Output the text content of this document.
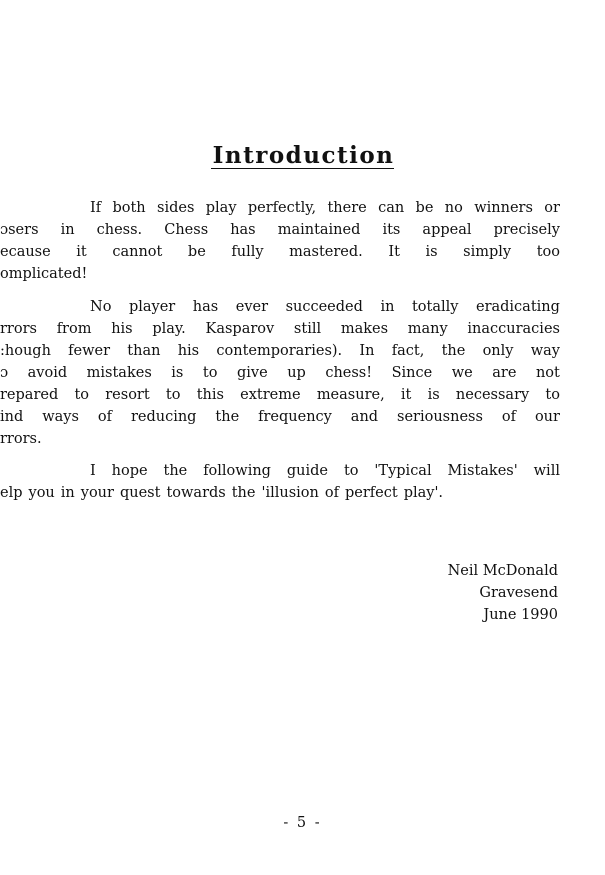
Introduction
If both sides play perfectly, there can be no winners or
ɔsers in chess. Chess has maintained its appeal precisely
ecause it cannot be fully mastered. It is simply too
omplicated!
No player has ever succeeded in totally eradicating
rrors from his play. Kasparov still makes many inaccuracies
:hough fewer than his contemporaries). In fact, the only way
ɔ avoid mistakes is to give up chess! Since we are not
repared to resort to this extreme measure, it is necessary to
ind ways of reducing the frequency and seriousness of our
rrors.
I hope the following guide to 'Typical Mistakes' will
elp you in your quest towards the 'illusion of perfect play'.
Neil McDonald
Gravesend
June 1990
- 5 -
